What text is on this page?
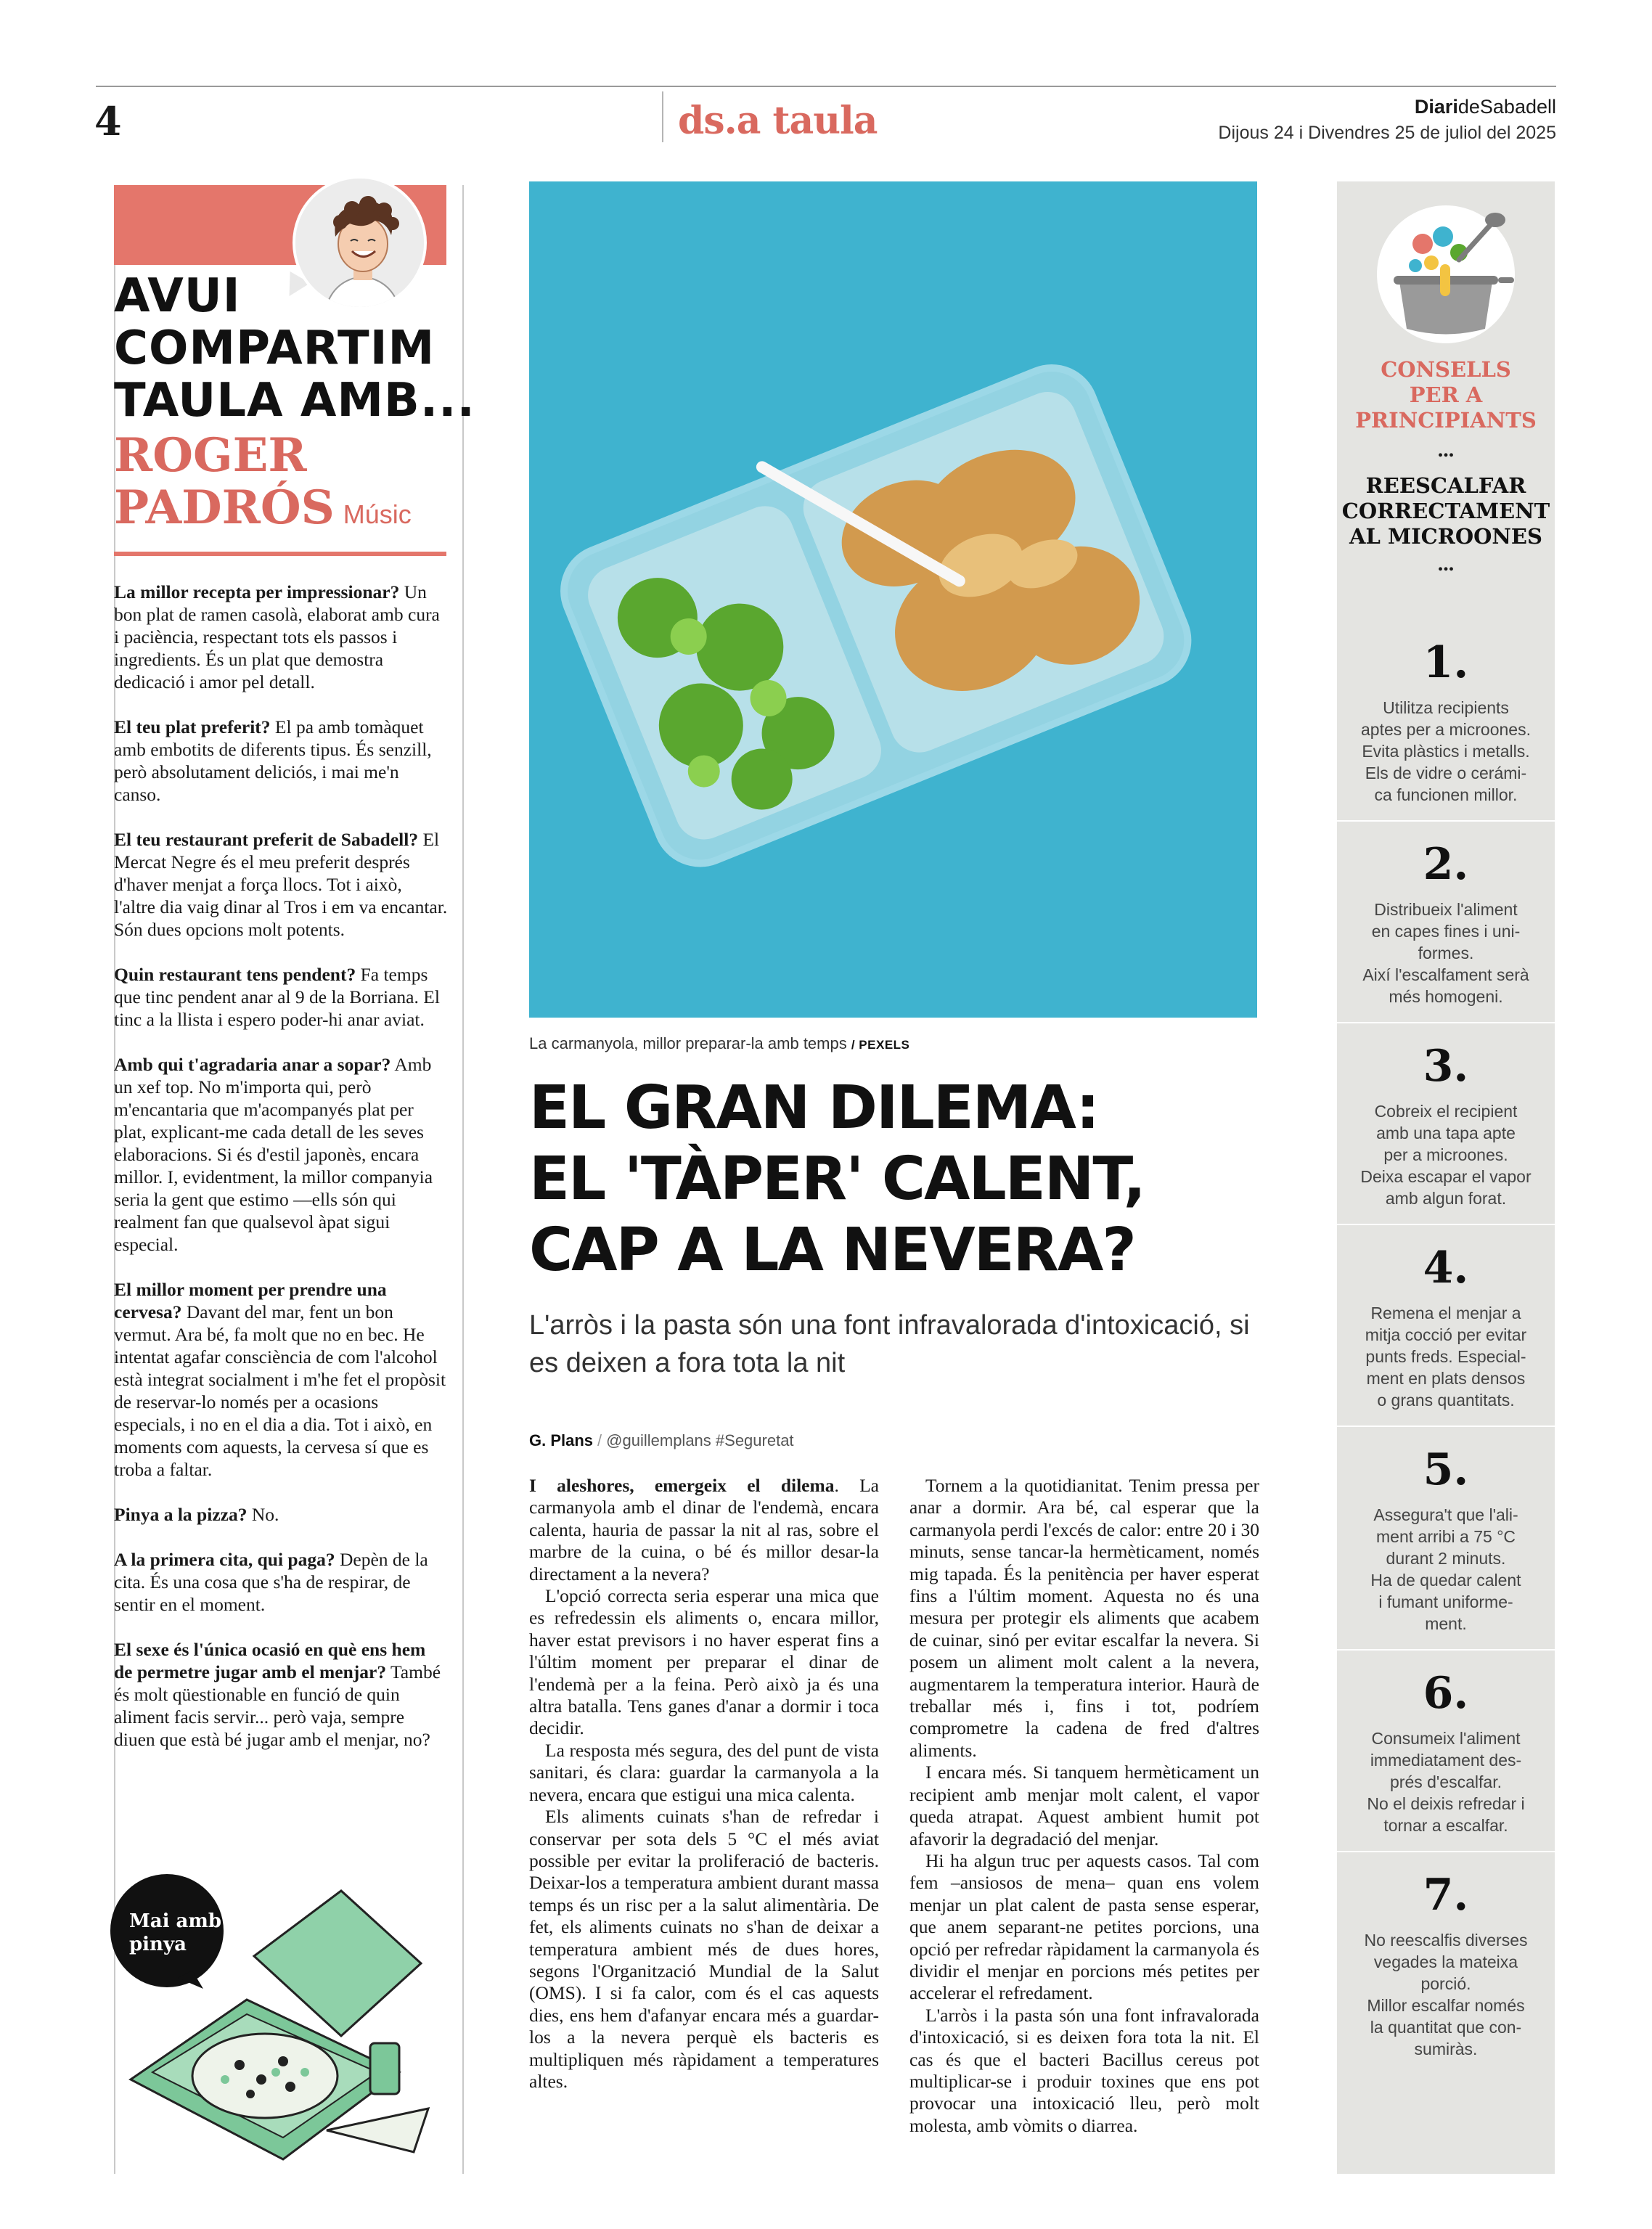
4	ds.a taula	DiarideSabadell
Dijous 24 i Divendres 25 de juliol del 2025
AVUI
COMPARTIM
TAULA AMB...
ROGER
PADRÓS Músic

La millor recepta per impressionar? Un bon plat de ramen casolà, elaborat amb cura i paciència, respectant tots els passos i ingredients. És un plat que demostra dedicació i amor pel detall.

El teu plat preferit? El pa amb tomàquet amb embotits de diferents tipus. És senzill, però absolutament deliciós, i mai me'n canso.

El teu restaurant preferit de Sabadell? El Mercat Negre és el meu preferit després d'haver menjat a força llocs. Tot i això, l'altre dia vaig dinar al Tros i em va encantar. Són dues opcions molt potents.

Quin restaurant tens pendent? Fa temps que tinc pendent anar al 9 de la Borriana. El tinc a la llista i espero poder-hi anar aviat.

Amb qui t'agradaria anar a sopar? Amb un xef top. No m'importa qui, però m'encantaria que m'acompanyés plat per plat, explicant-me cada detall de les seves elaboracions. Si és d'estil japonès, encara millor. I, evidentment, la millor companyia seria la gent que estimo —ells són qui realment fan que qualsevol àpat sigui especial.

El millor moment per prendre una cervesa? Davant del mar, fent un bon vermut. Ara bé, fa molt que no en bec. He intentat agafar consciència de com l'alcohol està integrat socialment i m'he fet el propòsit de reservar-lo només per a ocasions especials, i no en el dia a dia. Tot i això, en moments com aquests, la cervesa sí que es troba a faltar.

Pinya a la pizza? No.

A la primera cita, qui paga? Depèn de la cita. És una cosa que s'ha de respirar, de sentir en el moment.

El sexe és l'única ocasió en què ens hem de permetre jugar amb el menjar? També és molt qüestionable en funció de quin aliment facis servir... però vaja, sempre diuen que està bé jugar amb el menjar, no?

Mai amb
pinya
La carmanyola, millor preparar-la amb temps / PEXELS
EL GRAN DILEMA:
EL 'TÀPER' CALENT,
CAP A LA NEVERA?
L'arròs i la pasta són una font infravalorada d'intoxicació, si es deixen a fora tota la nit
G. Plans / @guillemplans #Seguretat

I aleshores, emergeix el dilema. La carmanyola amb el dinar de l'endemà, encara calenta, hauria de passar la nit al ras, sobre el marbre de la cuina, o bé és millor desar-la directament a la nevera?

L'opció correcta seria esperar una mica que es refredessin els aliments o, encara millor, haver estat previsors i no haver esperat fins a l'últim moment per preparar el dinar de l'endemà per a la feina. Però això ja és una altra batalla. Tens ganes d'anar a dormir i toca decidir.

La resposta més segura, des del punt de vista sanitari, és clara: guardar la carmanyola a la nevera, encara que estigui una mica calenta.

Els aliments cuinats s'han de refredar i conservar per sota dels 5 °C el més aviat possible per evitar la proliferació de bacteris. Deixar-los a temperatura ambient durant massa temps és un risc per a la salut alimentària. De fet, els aliments cuinats no s'han de deixar a temperatura ambient més de dues hores, segons l'Organització Mundial de la Salut (OMS). I si fa calor, com és el cas aquests dies, ens hem d'afanyar encara més a guardar-los a la nevera perquè els bacteris es multipliquen més ràpidament a temperatures altes.

Tornem a la quotidianitat. Tenim pressa per anar a dormir. Ara bé, cal esperar que la carmanyola perdi l'excés de calor: entre 20 i 30 minuts, sense tancar-la hermèticament, només mig tapada. És la penitència per haver esperat fins a l'últim moment. Aquesta no és una mesura per protegir els aliments que acabem de cuinar, sinó per evitar escalfar la nevera. Si posem un aliment molt calent a la nevera, augmentarem la temperatura interior. Haurà de treballar més i, fins i tot, podríem comprometre la cadena de fred d'altres aliments.

I encara més. Si tanquem hermèticament un recipient amb menjar molt calent, el vapor queda atrapat. Aquest ambient humit pot afavorir la degradació del menjar.

Hi ha algun truc per aquests casos. Tal com fem –ansiosos de mena– quan ens volem menjar un plat calent de pasta sense esperar, que anem separant-ne petites porcions, una opció per refredar ràpidament la carmanyola és dividir el menjar en porcions més petites per accelerar el refredament.

L'arròs i la pasta són una font infravalorada d'intoxicació, si es deixen fora tota la nit. El cas és que el bacteri Bacillus cereus pot multiplicar-se i produir toxines que ens pot provocar una intoxicació lleu, però molt molesta, amb vòmits o diarrea.

CONSELLS
PER A
PRINCIPIANTS
...
REESCALFAR
CORRECTAMENT
AL MICROONES
...
1.
Utilitza recipients
aptes per a microones.
Evita plàstics i metalls.
Els de vidre o cerámi-
ca funcionen millor.
2.
Distribueix l'aliment
en capes fines i uni-
formes.
Així l'escalfament serà
més homogeni.
3.
Cobreix el recipient
amb una tapa apte
per a microones.
Deixa escapar el vapor
amb algun forat.
4.
Remena el menjar a
mitja cocció per evitar
punts freds. Especial-
ment en plats densos
o grans quantitats.
5.
Assegura't que l'ali-
ment arribi a 75 °C
durant 2 minuts.
Ha de quedar calent
i fumant uniforme-
ment.
6.
Consumeix l'aliment
immediatament des-
prés d'escalfar.
No el deixis refredar i
tornar a escalfar.
7.
No reescalfis diverses
vegades la mateixa
porció.
Millor escalfar només
la quantitat que con-
sumiràs.
